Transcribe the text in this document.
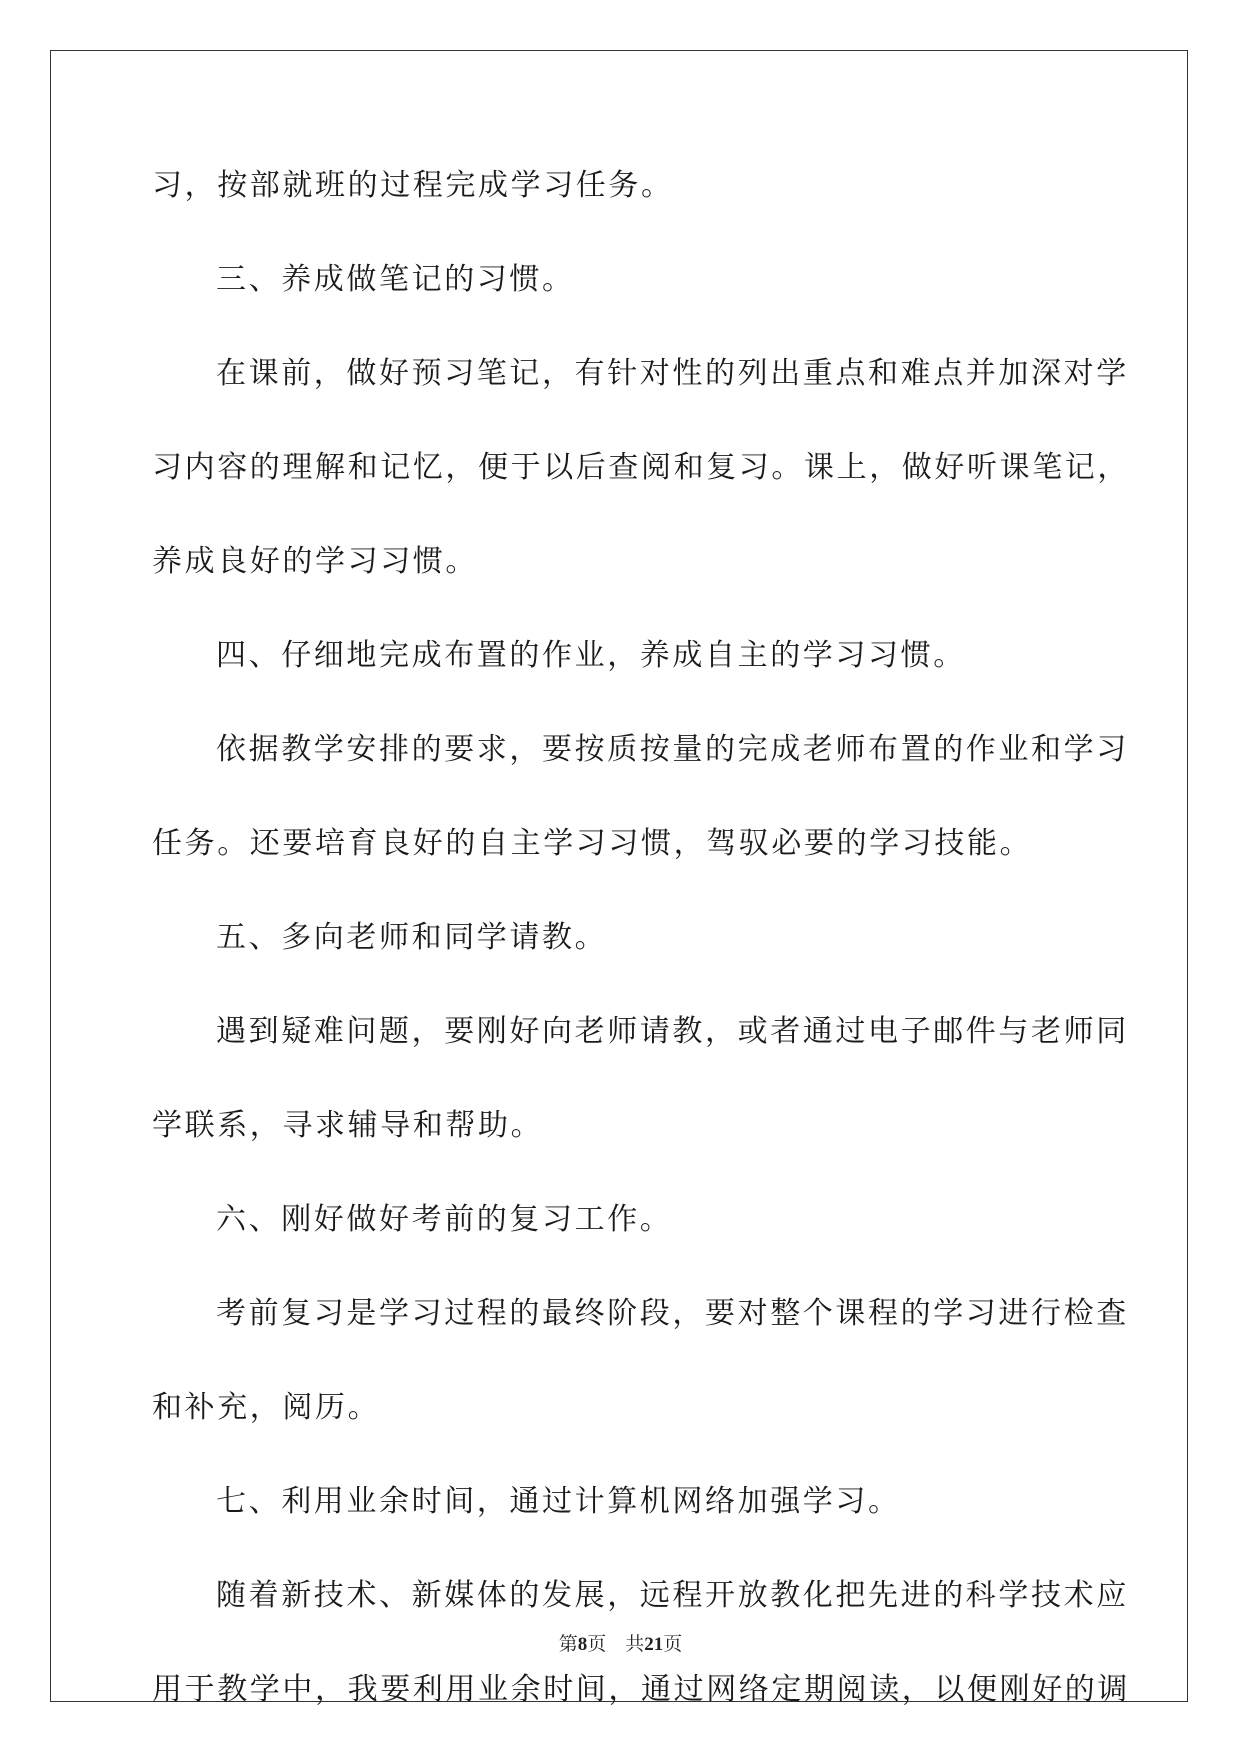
习，按部就班的过程完成学习任务。
三、养成做笔记的习惯。
在课前，做好预习笔记，有针对性的列出重点和难点并加深对学
习内容的理解和记忆，便于以后查阅和复习。课上，做好听课笔记，
养成良好的学习习惯。
四、仔细地完成布置的作业，养成自主的学习习惯。
依据教学安排的要求，要按质按量的完成老师布置的作业和学习
任务。还要培育良好的自主学习习惯，驾驭必要的学习技能。
五、多向老师和同学请教。
遇到疑难问题，要刚好向老师请教，或者通过电子邮件与老师同
学联系，寻求辅导和帮助。
六、刚好做好考前的复习工作。
考前复习是学习过程的最终阶段，要对整个课程的学习进行检查
和补充，阅历。
七、利用业余时间，通过计算机网络加强学习。
随着新技术、新媒体的发展，远程开放教化把先进的科学技术应
用于教学中，我要利用业余时间，通过网络定期阅读，以便刚好的调
第8页　共21页
